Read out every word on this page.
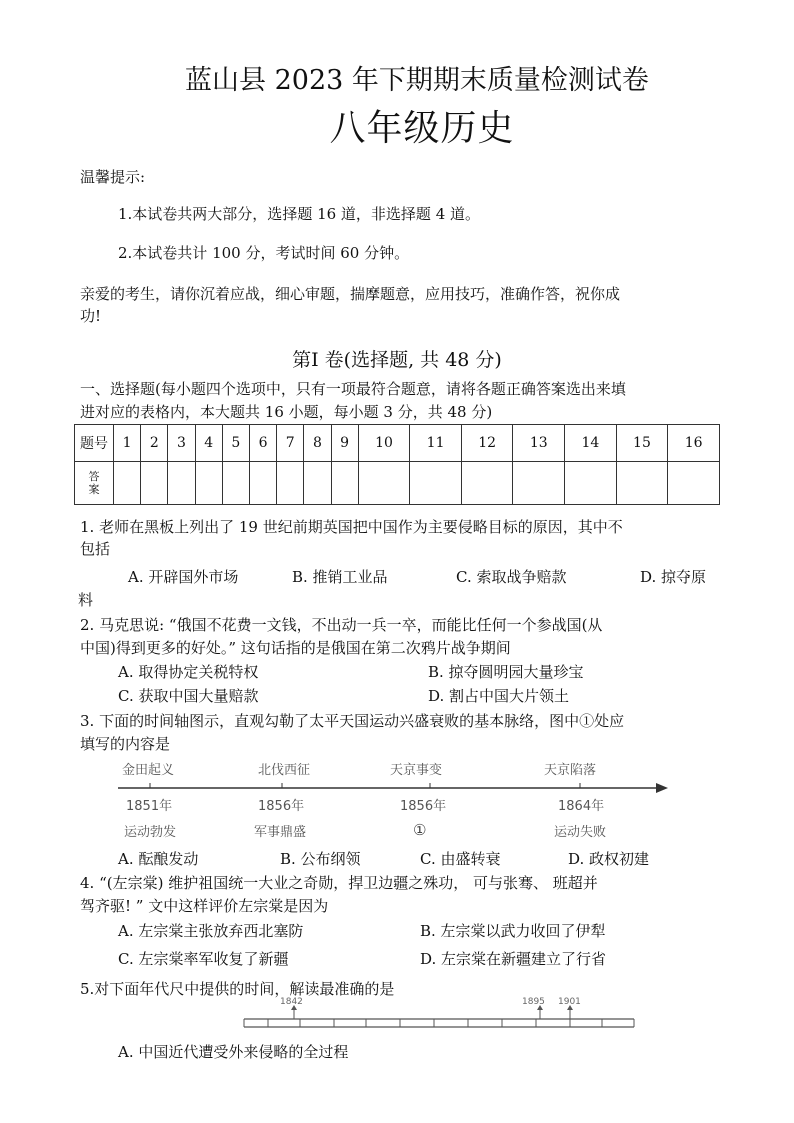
蓝山县 2023 年下期期末质量检测试卷
八年级历史
温馨提示:
1.本试卷共两大部分，选择题 16 道，非选择题 4 道。
2.本试卷共计 100 分，考试时间 60 分钟。
亲爱的考生，请你沉着应战，细心审题，揣摩题意，应用技巧，准确作答，祝你成
功!
第Ⅰ 卷(选择题, 共 48 分)
一、选择题(每小题四个选项中，只有一项最符合题意，请将各题正确答案选出来填
进对应的表格内，本大题共 16 小题，每小题 3 分，共 48 分)
题号	1	2	3	4	5	6	7	8	9	10	11	12	13	14	15	16

答案																

1. 老师在黑板上列出了 19 世纪前期英国把中国作为主要侵略目标的原因，其中不
包括
A. 开辟国外市场	B. 推销工业品	C. 索取战争赔款	D. 掠夺原
料
2. 马克思说: “俄国不花费一文钱，不出动一兵一卒，而能比任何一个参战国(从
中国)得到更多的好处。” 这句话指的是俄国在第二次鸦片战争期间
A. 取得协定关税特权	B. 掠夺圆明园大量珍宝
C. 获取中国大量赔款	D. 割占中国大片领土
3. 下面的时间轴图示，直观勾勒了太平天国运动兴盛衰败的基本脉络，图中①处应
填写的内容是
金田起义	北伐西征	天京事变	天京陷落
1851年	1856年	1856年	1864年
运动勃发	军事鼎盛	①	运动失败
A. 酝酿发动	B. 公布纲领	C. 由盛转衰	D. 政权初建
4. “(左宗棠) 维护祖国统一大业之奇勋，捍卫边疆之殊功， 可与张骞、 班超并
驾齐驱! ” 文中这样评价左宗棠是因为
A. 左宗棠主张放弃西北塞防	B. 左宗棠以武力收回了伊犁
C. 左宗棠率军收复了新疆	D. 左宗棠在新疆建立了行省
5.对下面年代尺中提供的时间，解读最准确的是
1842	1895 1901
A. 中国近代遭受外来侵略的全过程
